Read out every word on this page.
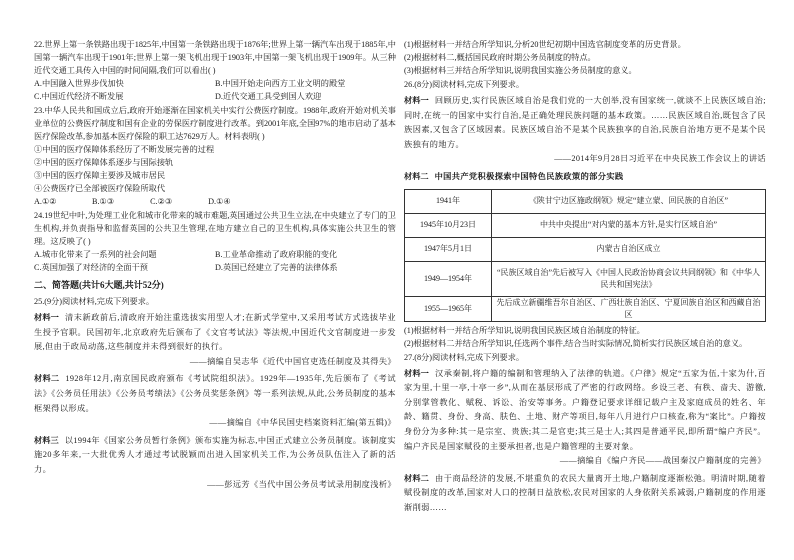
22.世界上第一条铁路出现于1825年,中国第一条铁路出现于1876年;世界上第一辆汽车出现于1885年,中国第一辆汽车出现于1901年;世界上第一架飞机出现于1903年,中国第一架飞机出现于1909年。从三种近代交通工具传入中国的时间间隔,我们可以看出( )
A.中国融入世界步伐加快	B.中国开始走向西方工业文明的殿堂
C.中国近代经济不断发展	D.近代交通工具受到国人欢迎
23.中华人民共和国成立后,政府开始逐渐在国家机关中实行公费医疗制度。1988年,政府开始对机关事业单位的公费医疗制度和国有企业的劳保医疗制度进行改革。到2001年底,全国97%的地市启动了基本医疗保险改革,参加基本医疗保险的职工达7629万人。材料表明( )
①中国的医疗保障体系经历了不断发展完善的过程
②中国的医疗保障体系逐步与国际接轨
③中国的医疗保障主要涉及城市居民
④公费医疗已全部被医疗保险所取代
A.①②	B.①③	C.②③	D.①④
24.19世纪中叶,为处理工业化和城市化带来的城市难题,英国通过公共卫生立法,在中央建立了专门的卫生机构,并负责指导和监督英国的公共卫生管理,在地方建立自己的卫生机构,具体实施公共卫生的管理。这反映了( )
A.城市化带来了一系列的社会问题	B.工业革命推动了政府职能的变化
C.英国加强了对经济的全面干预	D.英国已经建立了完善的法律体系
二、简答题(共计6大题,共计52分)
25.(9分)阅读材料,完成下列要求。
材料一 清末新政前后,清政府开始注重选拔实用型人才;在新式学堂中,又采用考试方式选拔毕业生授予官职。民国初年,北京政府先后颁布了《文官考试法》等法规,中国近代文官制度进一步发展,但由于政局动荡,这些制度并未得到很好的执行。
——摘编自吴志华《近代中国官吏选任制度及其得失》
材料二 1928年12月,南京国民政府颁布《考试院组织法》。1929年—1935年,先后颁布了《考试法》《公务员任用法》《公务员考绩法》《公务员奖惩条例》等一系列法规,从此,公务员制度的基本框架得以形成。
——摘编自《中华民国史档案资料汇编(第五辑)》
材料三 以1994年《国家公务员暂行条例》颁布实施为标志,中国正式建立公务员制度。该制度实施20多年来,一大批优秀人才通过考试脱颖而出进入国家机关工作,为公务员队伍注入了新的活力。
——彭远芳《当代中国公务员考试录用制度浅析》
(1)根据材料一并结合所学知识,分析20世纪初期中国选官制度变革的历史背景。
(2)根据材料二,概括国民政府时期公务员制度的特点。
(3)根据材料三并结合所学知识,说明我国实施公务员制度的意义。
26.(8分)阅读材料,完成下列要求。
材料一 回顾历史,实行民族区域自治是我们党的一大创举,没有国家统一,就谈不上民族区域自治;同时,在统一的国家中实行自治,是正确处理民族问题的基本政策。……民族区域自治,既包含了民族因素,又包含了区域因素。民族区域自治不是某个民族独享的自治,民族自治地方更不是某个民族独有的地方。
——2014年9月28日习近平在中央民族工作会议上的讲话
材料二 中国共产党积极探索中国特色民族政策的部分实践
1941年	《陕甘宁边区施政纲领》规定“建立蒙、回民族的自治区”
1945年10月23日	中共中央提出“对内蒙的基本方针,是实行区域自治”
1947年5月1日	内蒙古自治区成立
1949—1954年	“民族区域自治”先后被写入《中国人民政治协商会议共同纲领》和《中华人民共和国宪法》
1955—1965年	先后成立新疆维吾尔自治区、广西壮族自治区、宁夏回族自治区和西藏自治区
(1)根据材料一并结合所学知识,说明我国民族区域自治制度的特征。
(2)根据材料二并结合所学知识,任选两个事件,结合当时实际情况,简析实行民族区域自治的意义。
27.(8分)阅读材料,完成下列要求。
材料一 汉承秦制,将户籍的编制和管理纳入了法律的轨道。《户律》规定“五家为伍,十家为什,百家为里,十里一亭,十亭一乡”,从而在基层形成了严密的行政网络。乡设三老、有秩、啬夫、游徼,分别掌管教化、赋税、诉讼、治安等事务。户籍登记要求详细记载户主及家庭成员的姓名、年龄、籍贯、身份、身高、肤色、土地、财产等项目,每年八月进行户口核查,称为“案比”。户籍按身份分为多种:其一是宗室、贵族;其二是官吏;其三是士人;其四是普通平民,即所谓“编户齐民”。编户齐民是国家赋役的主要承担者,也是户籍管理的主要对象。
——摘编自《编户齐民——战国秦汉户籍制度的完善》
材料二 由于商品经济的发展,不堪重负的农民大量离开土地,户籍制度逐渐松弛。明清时期,随着赋役制度的改革,国家对人口的控制日益放松,农民对国家的人身依附关系减弱,户籍制度的作用逐渐削弱……
